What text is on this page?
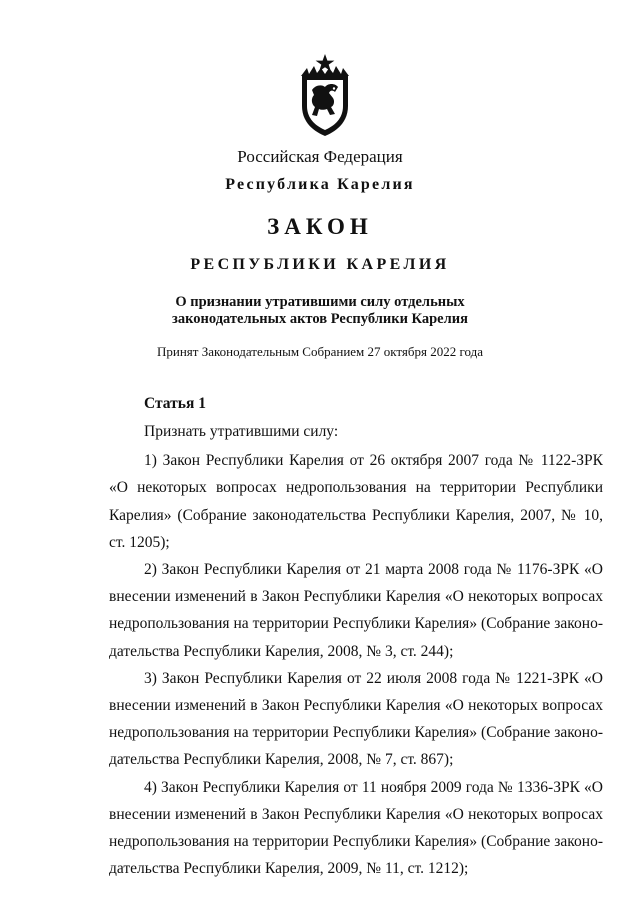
Российская Федерация
Республика Карелия
ЗАКОН
РЕСПУБЛИКИ КАРЕЛИЯ
О признании утратившими силу отдельных
законодательных актов Республики Карелия
Принят Законодательным Собранием 27 октября 2022 года
Статья 1

Признать утратившими силу:

1) Закон Республики Карелия от 26 октября 2007 года № 1122-ЗРК «О некоторых вопросах недропользования на территории Республики Карелия» (Собрание законодательства Республики Карелия, 2007, № 10, ст. 1205);

2) Закон Республики Карелия от 21 марта 2008 года № 1176-ЗРК «О внесении изменений в Закон Республики Карелия «О некоторых вопросах недропользования на территории Республики Карелия» (Собрание законо-дательства Республики Карелия, 2008, № 3, ст. 244);

3) Закон Республики Карелия от 22 июля 2008 года № 1221-ЗРК «О внесении изменений в Закон Республики Карелия «О некоторых вопросах недропользования на территории Республики Карелия» (Собрание законо-дательства Республики Карелия, 2008, № 7, ст. 867);

4) Закон Республики Карелия от 11 ноября 2009 года № 1336-ЗРК «О внесении изменений в Закон Республики Карелия «О некоторых вопросах недропользования на территории Республики Карелия» (Собрание законо-дательства Республики Карелия, 2009, № 11, ст. 1212);
